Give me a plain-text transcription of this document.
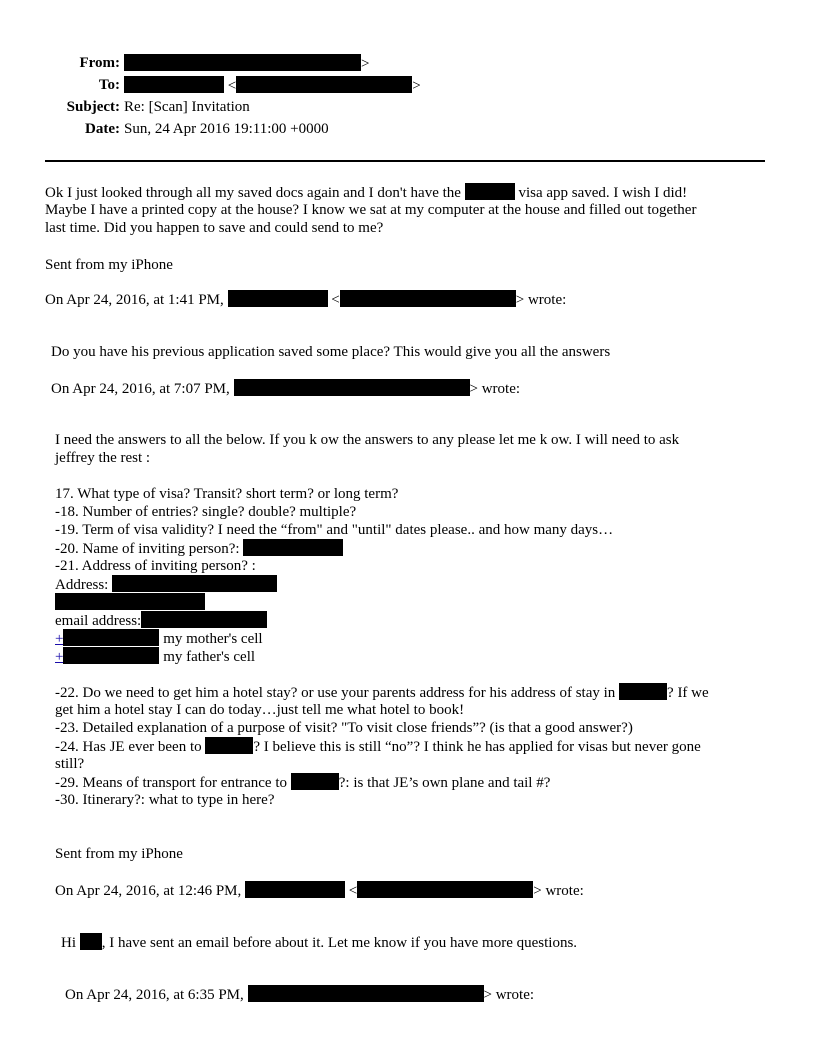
From:	>
To:	<	>
Subject: Re: [Scan] Invitation
Date: Sun, 24 Apr 2016 19:11:00 +0000
Ok I just looked through all my saved docs again and I don't have the	visa app saved. I wish I did!
Maybe I have a printed copy at the house? I know we sat at my computer at the house and filled out together
last time. Did you happen to save and could send to me?
Sent from my iPhone
On Apr 24, 2016, at 1:41 PM,	<	> wrote:
Do you have his previous application saved some place? This would give you all the answers
On Apr 24, 2016, at 7:07 PM,	> wrote:
I need the answers to all the below. If you k ow the answers to any please let me k ow. I will need to ask
jeffrey the rest :
17. What type of visa? Transit? short term? or long term?
-18. Number of entries? single? double? multiple?
-19. Term of visa validity? I need the “from" and "until" dates please.. and how many days…
-20. Name of inviting person?:
-21. Address of inviting person? :
Address:
email address:
+	my mother's cell
+	my father's cell
-22. Do we need to get him a hotel stay? or use your parents address for his address of stay in	? If we
get him a hotel stay I can do today…just tell me what hotel to book!
-23. Detailed explanation of a purpose of visit? "To visit close friends”? (is that a good answer?)
-24. Has JE ever been to	? I believe this is still “no”? I think he has applied for visas but never gone
still?
-29. Means of transport for entrance to	?: is that JE’s own plane and tail #?
-30. Itinerary?: what to type in here?
Sent from my iPhone
On Apr 24, 2016, at 12:46 PM,	<	> wrote:
Hi , I have sent an email before about it. Let me know if you have more questions.
On Apr 24, 2016, at 6:35 PM,	> wrote:
